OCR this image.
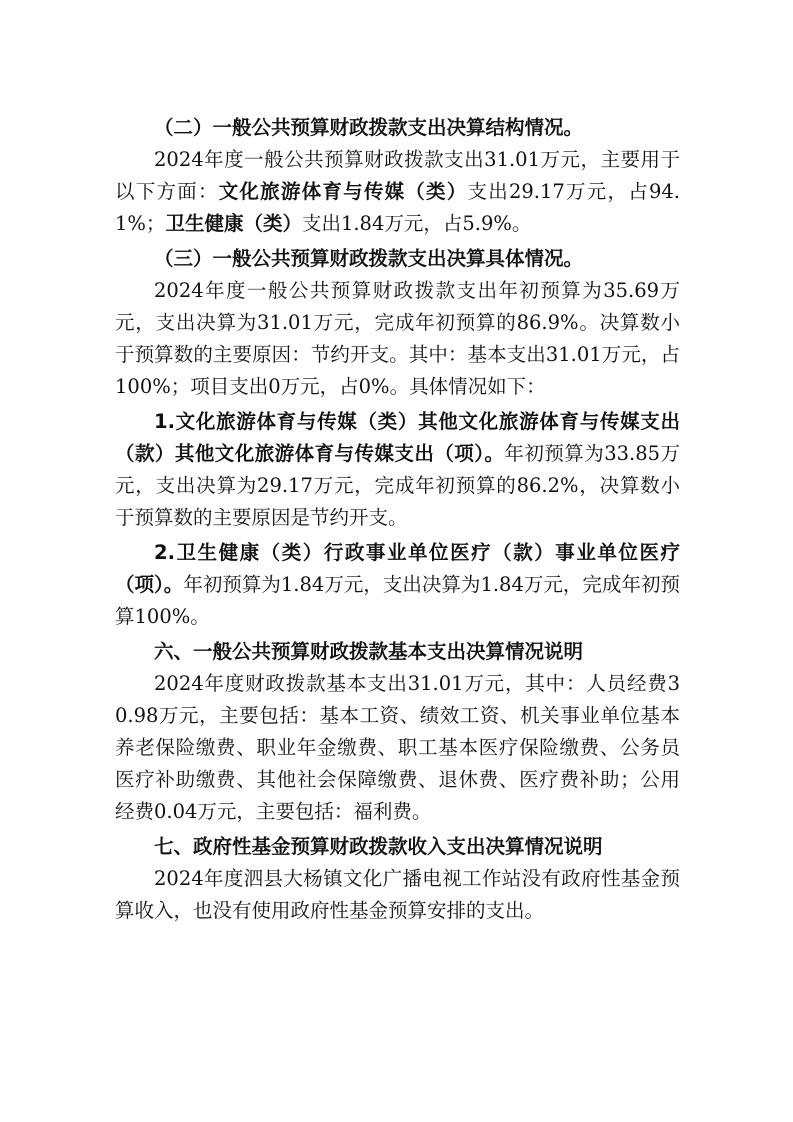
（二）一般公共预算财政拨款支出决算结构情况。

2024年度一般公共预算财政拨款支出31.01万元，主要用于以下方面：文化旅游体育与传媒（类）支出29.17万元，占94.1%；卫生健康（类）支出1.84万元，占5.9%。

（三）一般公共预算财政拨款支出决算具体情况。

2024年度一般公共预算财政拨款支出年初预算为35.69万元，支出决算为31.01万元，完成年初预算的86.9%。决算数小于预算数的主要原因：节约开支。其中：基本支出31.01万元，占100%；项目支出0万元，占0%。具体情况如下：

1.文化旅游体育与传媒（类）其他文化旅游体育与传媒支出（款）其他文化旅游体育与传媒支出（项）。年初预算为33.85万元，支出决算为29.17万元，完成年初预算的86.2%，决算数小于预算数的主要原因是节约开支。

2.卫生健康（类）行政事业单位医疗（款）事业单位医疗（项）。年初预算为1.84万元，支出决算为1.84万元，完成年初预算100%。

六、一般公共预算财政拨款基本支出决算情况说明

2024年度财政拨款基本支出31.01万元，其中：人员经费30.98万元，主要包括：基本工资、绩效工资、机关事业单位基本养老保险缴费、职业年金缴费、职工基本医疗保险缴费、公务员医疗补助缴费、其他社会保障缴费、退休费、医疗费补助；公用经费0.04万元，主要包括：福利费。

七、政府性基金预算财政拨款收入支出决算情况说明

2024年度泗县大杨镇文化广播电视工作站没有政府性基金预算收入，也没有使用政府性基金预算安排的支出。
